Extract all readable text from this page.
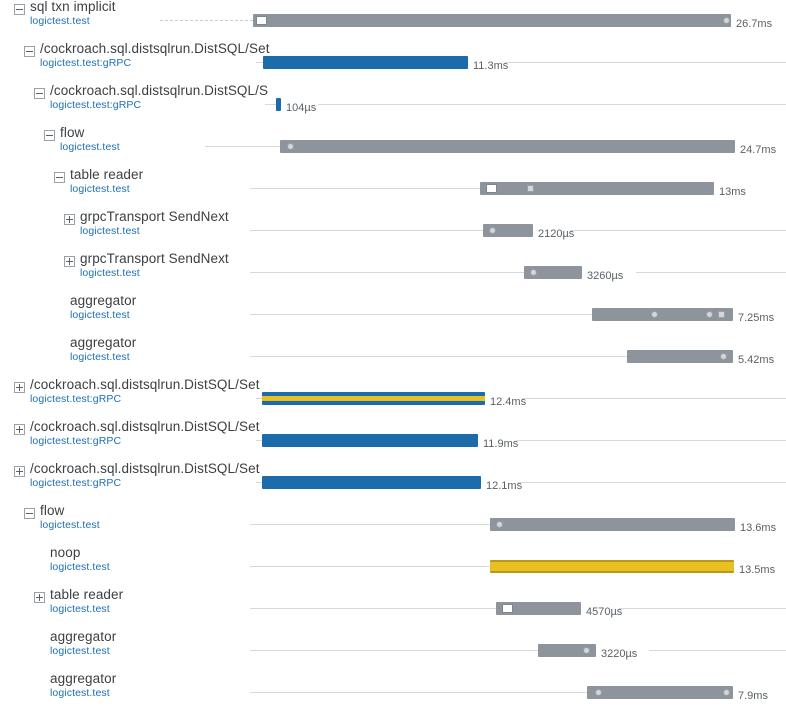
sql txn implicit
logictest.test	26.7ms
/cockroach.sql.distsqlrun.DistSQL/Set
logictest.test:gRPC	11.3ms
/cockroach.sql.distsqlrun.DistSQL/S
logictest.test:gRPC	104µs
flow
logictest.test	24.7ms
table reader
logictest.test	13ms
grpcTransport SendNext
logictest.test	2120µs
grpcTransport SendNext
logictest.test	3260µs
aggregator
logictest.test	7.25ms
aggregator
logictest.test	5.42ms
/cockroach.sql.distsqlrun.DistSQL/Set
logictest.test:gRPC	12.4ms
/cockroach.sql.distsqlrun.DistSQL/Set
logictest.test:gRPC	11.9ms
/cockroach.sql.distsqlrun.DistSQL/Set
logictest.test:gRPC	12.1ms
flow
logictest.test	13.6ms
noop
logictest.test	13.5ms
table reader
logictest.test	4570µs
aggregator
logictest.test	3220µs
aggregator
logictest.test	7.9ms
